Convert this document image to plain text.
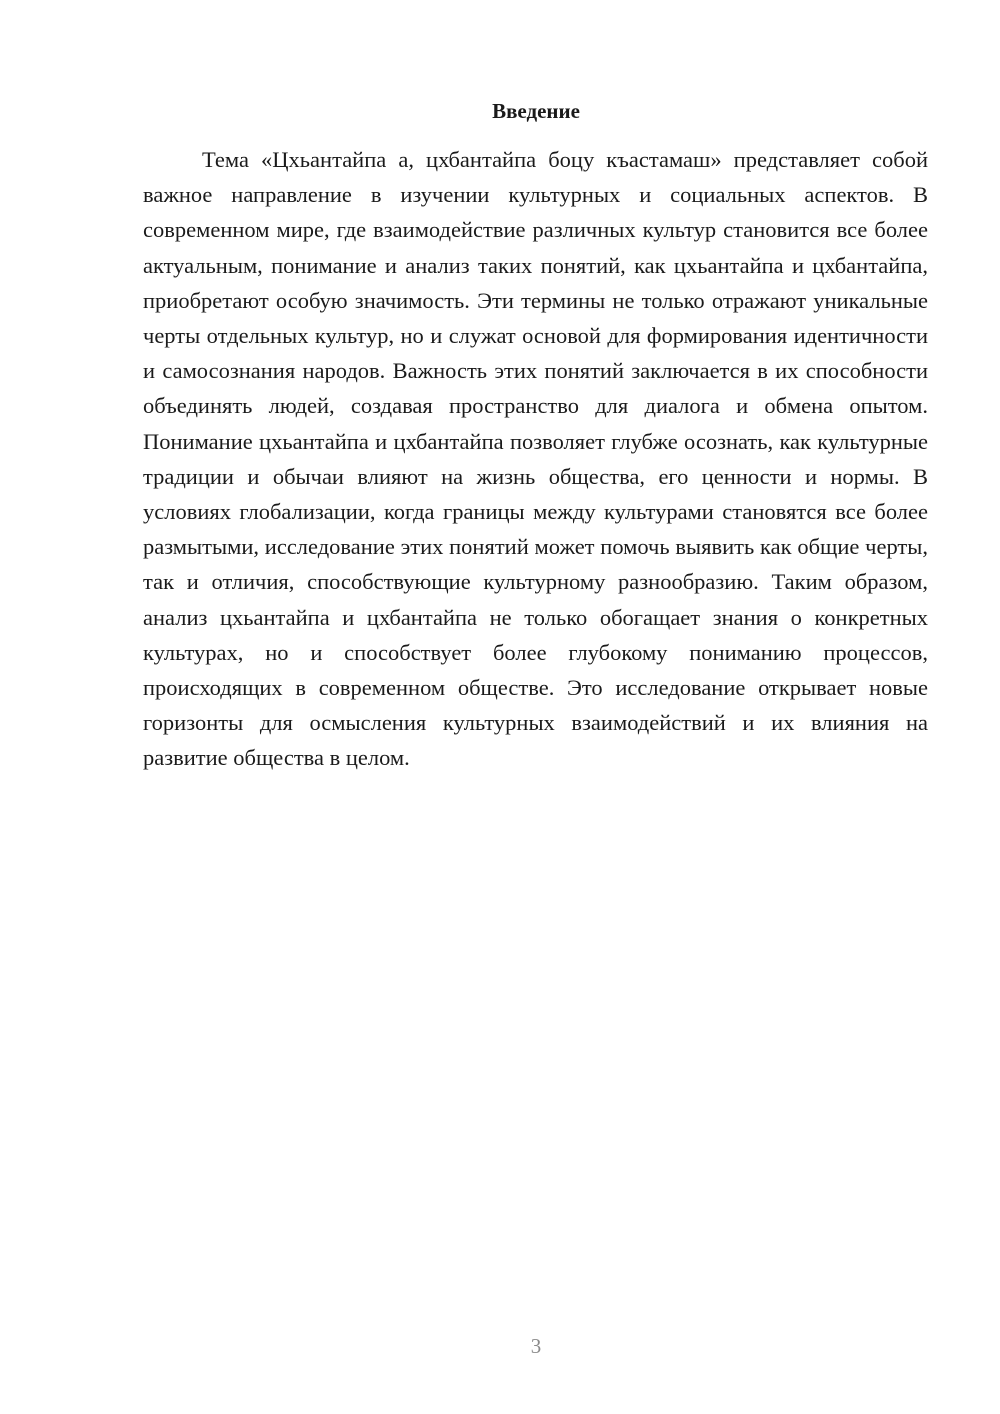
Введение

Тема «Цхьантайпа а, цхбантайпа боцу къастамаш» представляет собой важное направление в изучении культурных и социальных аспектов. В современном мире, где взаимодействие различных культур становится все более актуальным, понимание и анализ таких понятий, как цхьантайпа и цхбантайпа, приобретают особую значимость. Эти термины не только отражают уникальные черты отдельных культур, но и служат основой для формирования идентичности и самосознания народов. Важность этих понятий заключается в их способности объединять людей, создавая пространство для диалога и обмена опытом. Понимание цхьантайпа и цхбантайпа позволяет глубже осознать, как культурные традиции и обычаи влияют на жизнь общества, его ценности и нормы. В условиях глобализации, когда границы между культурами становятся все более размытыми, исследование этих понятий может помочь выявить как общие черты, так и отличия, способствующие культурному разнообразию. Таким образом, анализ цхьантайпа и цхбантайпа не только обогащает знания о конкретных культурах, но и способствует более глубокому пониманию процессов, происходящих в современном обществе. Это исследование открывает новые горизонты для осмысления культурных взаимодействий и их влияния на развитие общества в целом.

3
